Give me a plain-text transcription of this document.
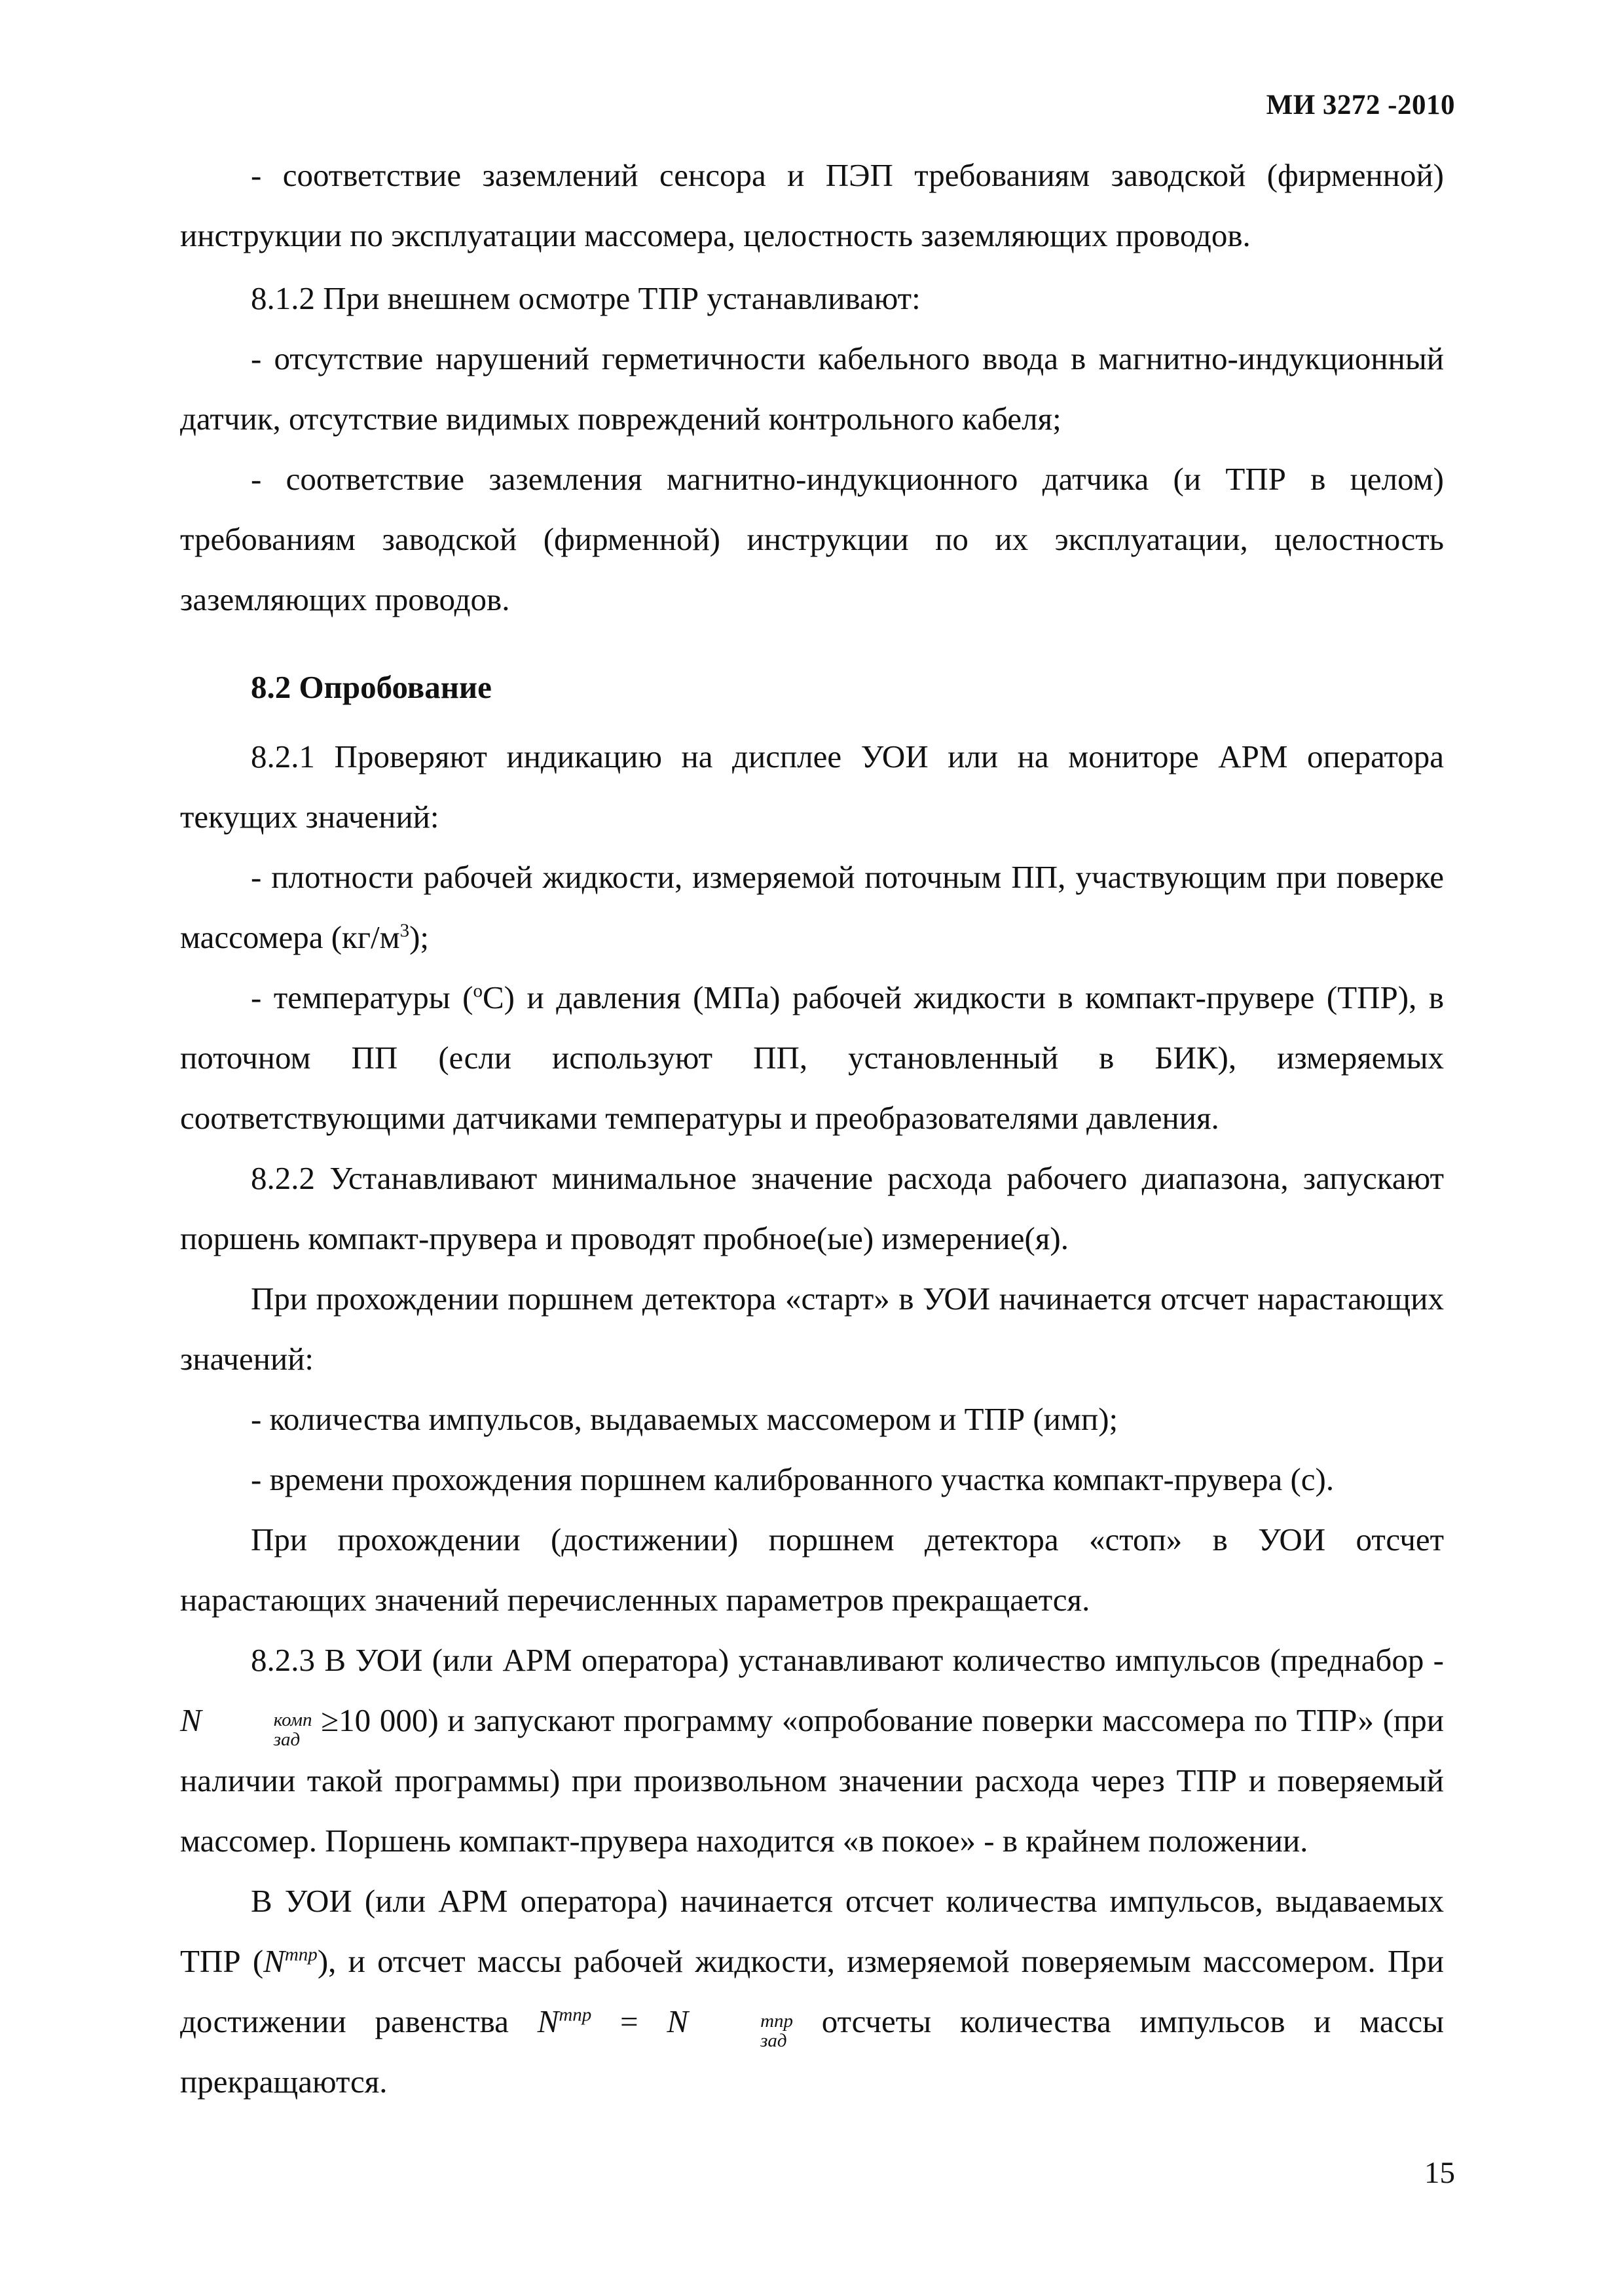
МИ 3272 -2010

- соответствие заземлений сенсора и ПЭП требованиям заводской (фирменной) инструкции по эксплуатации массомера, целостность заземляющих проводов.

8.1.2 При внешнем осмотре ТПР устанавливают:

- отсутствие нарушений герметичности кабельного ввода в магнитно-индукционный датчик, отсутствие видимых повреждений контрольного кабеля;

- соответствие заземления магнитно-индукционного датчика (и ТПР в целом) требованиям заводской (фирменной) инструкции по их эксплуатации, целостность заземляющих проводов.

8.2 Опробование

8.2.1 Проверяют индикацию на дисплее УОИ или на мониторе АРМ оператора текущих значений:

- плотности рабочей жидкости, измеряемой поточным ПП, участвующим при поверке массомера $(кг/м^3)$;

- температуры ($^о$С) и давления (МПа) рабочей жидкости в компакт-прувере (ТПР), в поточном ПП (если используют ПП, установленный в БИК), измеряемых соответствующими датчиками температуры и преобразователями давления.

8.2.2 Устанавливают минимальное значение расхода рабочего диапазона, запускают поршень компакт-прувера и проводят пробное(ые) измерение(я).

При прохождении поршнем детектора «старт» в УОИ начинается отсчет нарастающих значений:

- количества импульсов, выдаваемых массомером и ТПР (имп);

- времени прохождения поршнем калиброванного участка компакт-прувера (с).

При прохождении (достижении) поршнем детектора «стоп» в УОИ отсчет нарастающих значений перечисленных параметров прекращается.

8.2.3 В УОИ (или АРМ оператора) устанавливают количество импульсов (преднабор - N	комп
зад
≥10 000) и запускают программу «опробование поверки массомера по ТПР» (при наличии такой программы) при произвольном значении расхода через ТПР и поверяемый массомер. Поршень компакт-прувера находится «в покое» - в крайнем положении.

В УОИ (или АРМ оператора) начинается отсчет количества импульсов, выдаваемых ТПР $(N^{тпр})$, и отсчет массы рабочей жидкости, измеряемой поверяемым массомером. При достижении равенства $N^{тпр} = N$	тпр
зад
отсчеты количества импульсов и массы прекращаются.

15
